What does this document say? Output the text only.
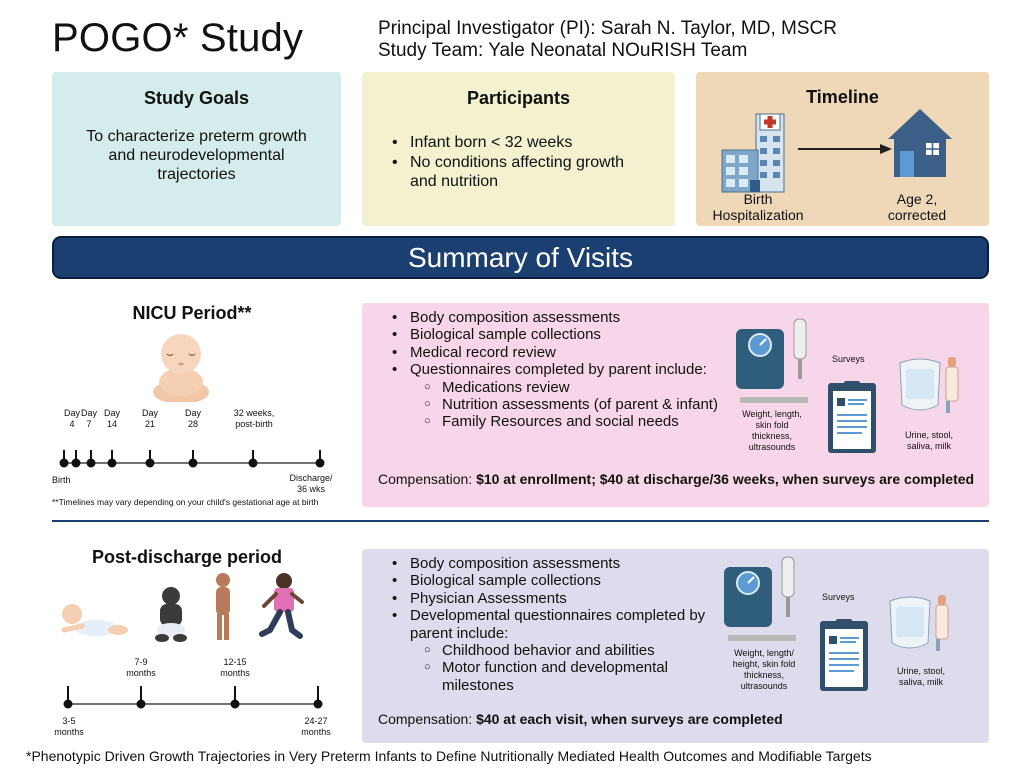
POGO* Study	Principal Investigator (PI): Sarah N. Taylor, MD, MSCR
Study Team: Yale Neonatal NOuRISH Team
Study Goals

To characterize preterm growth and neurodevelopmental trajectories

Participants
• Infant born < 32 weeks
• No conditions affecting growth and nutrition
Timeline
Birth
Hospitalization
Age 2,
corrected
Summary of Visits
NICU Period**
Day
4
Day
7
Day
14
Day
21
Day
28
32 weeks,
post-birth
Birth	Discharge/
36 wks
**Timelines may vary depending on your child's gestational age at birth
• Body composition assessments
• Biological sample collections
• Medical record review
• Questionnaires completed by parent include:
○ Medications review
○ Nutrition assessments (of parent & infant)
○ Family Resources and social needs	Weight, length,
skin fold
thickness,
ultrasounds
Surveys
Urine, stool,
saliva, milk
Compensation: $10 at enrollment; $40 at discharge/36 weeks, when surveys are completed
Post-discharge period
7-9
months
12-15
months
3-5
months
24-27
months
• Body composition assessments
• Biological sample collections
• Physician Assessments
• Developmental questionnaires completed by parent include:
○ Childhood behavior and abilities
○ Motor function and developmental milestones
Weight, length/
height, skin fold
thickness,
ultrasounds
Surveys
Urine, stool,
saliva, milk
Compensation: $40 at each visit, when surveys are completed
*Phenotypic Driven Growth Trajectories in Very Preterm Infants to Define Nutritionally Mediated Health Outcomes and Modifiable Targets
